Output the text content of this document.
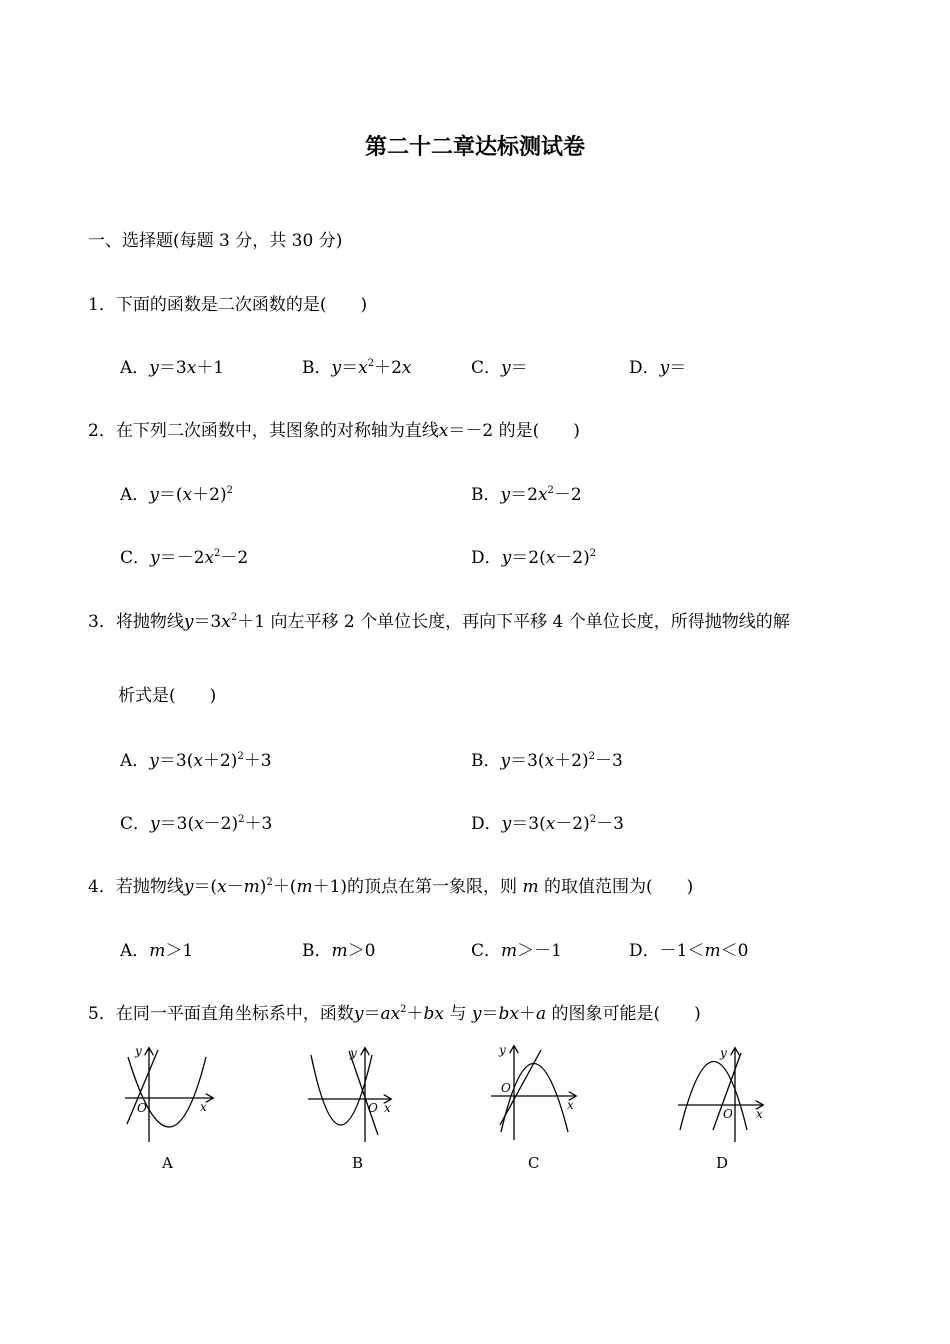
第二十二章达标测试卷
一、选择题(每题 3 分，共 30 分)
1．下面的函数是二次函数的是(　　)
A．y＝3x＋1	B．$y=x^2+2x$	C．y＝	D．y＝
2．在下列二次函数中，其图象的对称轴为直线x＝－2 的是(　　)
A．$y=(x+2)^2$	B．$y=2x^2-2$
C．$y=-2x^2-2$	D．$y=2(x-2)^2$
3．将抛物线$y=3x^2+1$ 向左平移 2 个单位长度，再向下平移 4 个单位长度，所得抛物线的解
析式是(　　)
A．$y=3(x+2)^2+3$	B．$y=3(x+2)^2-3$
C．$y=3(x-2)^2+3$	D．$y=3(x-2)^2-3$
4．若抛物线$y=(x-m)^2+(m+1)$的顶点在第一象限，则 m 的取值范围为(　　)
A．m＞1	B．m＞0	C．m＞－1	D．－1＜m＜0
5．在同一平面直角坐标系中，函数$y=ax^2+bx$ 与 y＝bx＋a 的图象可能是(　　)
y
x
O
y
x
O
y
x
O
y
x
O
A	B	C	D
